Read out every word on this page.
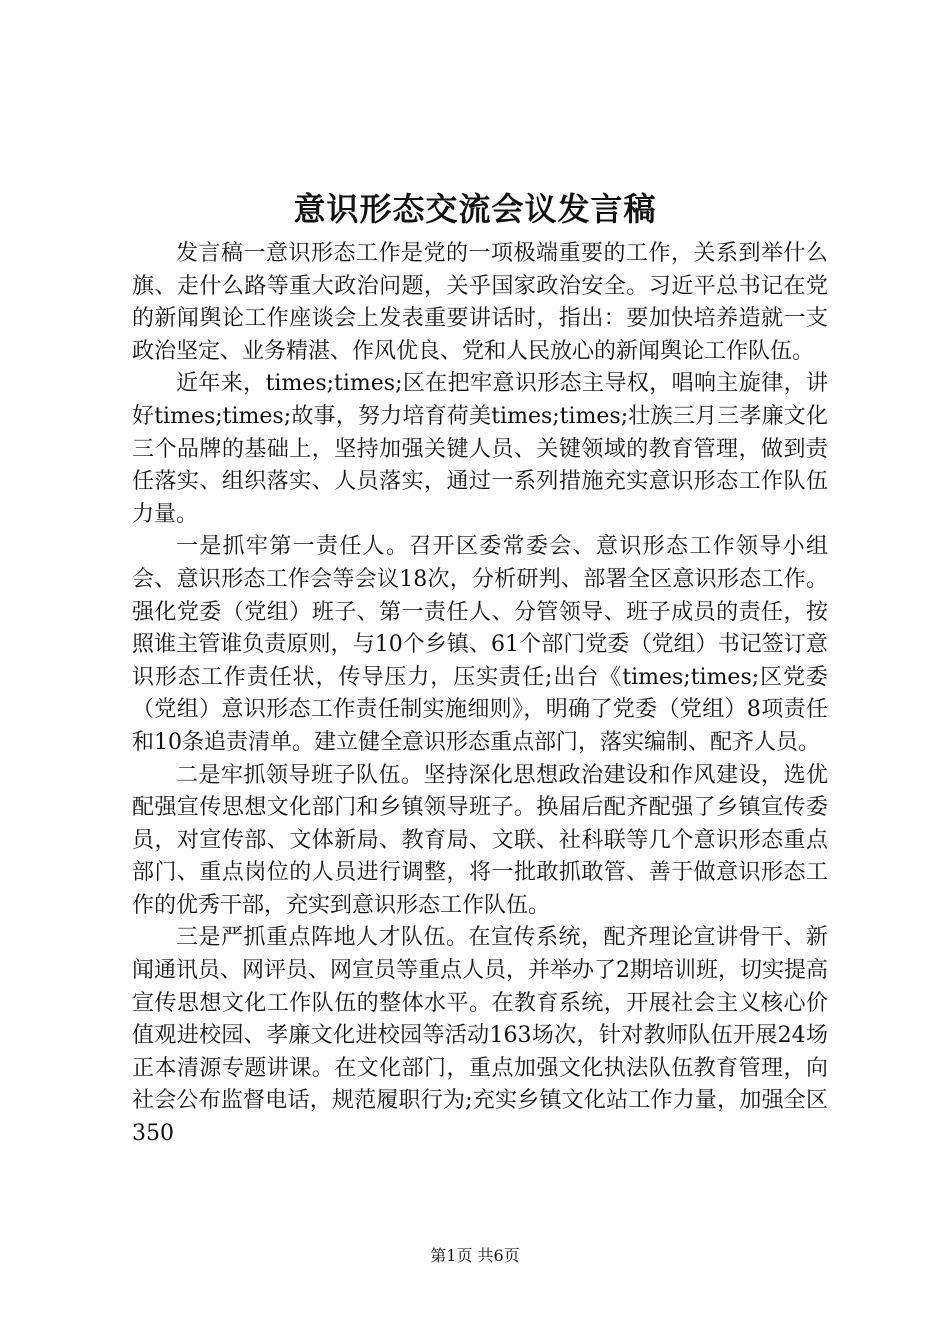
意识形态交流会议发言稿

发言稿一意识形态工作是党的一项极端重要的工作，关系到举什么旗、走什么路等重大政治问题，关乎国家政治安全。习近平总书记在党的新闻舆论工作座谈会上发表重要讲话时，指出：要加快培养造就一支政治坚定、业务精湛、作风优良、党和人民放心的新闻舆论工作队伍。

近年来，times;times;区在把牢意识形态主导权，唱响主旋律，讲好times;times;故事，努力培育荷美times;times;壮族三月三孝廉文化三个品牌的基础上，坚持加强关键人员、关键领域的教育管理，做到责任落实、组织落实、人员落实，通过一系列措施充实意识形态工作队伍力量。

一是抓牢第一责任人。召开区委常委会、意识形态工作领导小组会、意识形态工作会等会议18次，分析研判、部署全区意识形态工作。强化党委（党组）班子、第一责任人、分管领导、班子成员的责任，按照谁主管谁负责原则，与10个乡镇、61个部门党委（党组）书记签订意识形态工作责任状，传导压力，压实责任;出台《times;times;区党委（党组）意识形态工作责任制实施细则》，明确了党委（党组）8项责任和10条追责清单。建立健全意识形态重点部门，落实编制、配齐人员。

二是牢抓领导班子队伍。坚持深化思想政治建设和作风建设，选优配强宣传思想文化部门和乡镇领导班子。换届后配齐配强了乡镇宣传委员，对宣传部、文体新局、教育局、文联、社科联等几个意识形态重点部门、重点岗位的人员进行调整，将一批敢抓敢管、善于做意识形态工作的优秀干部，充实到意识形态工作队伍。

三是严抓重点阵地人才队伍。在宣传系统，配齐理论宣讲骨干、新闻通讯员、网评员、网宣员等重点人员，并举办了2期培训班，切实提高宣传思想文化工作队伍的整体水平。在教育系统，开展社会主义核心价值观进校园、孝廉文化进校园等活动163场次，针对教师队伍开展24场正本清源专题讲课。在文化部门，重点加强文化执法队伍教育管理，向社会公布监督电话，规范履职行为;充实乡镇文化站工作力量，加强全区350

第1页 共6页
